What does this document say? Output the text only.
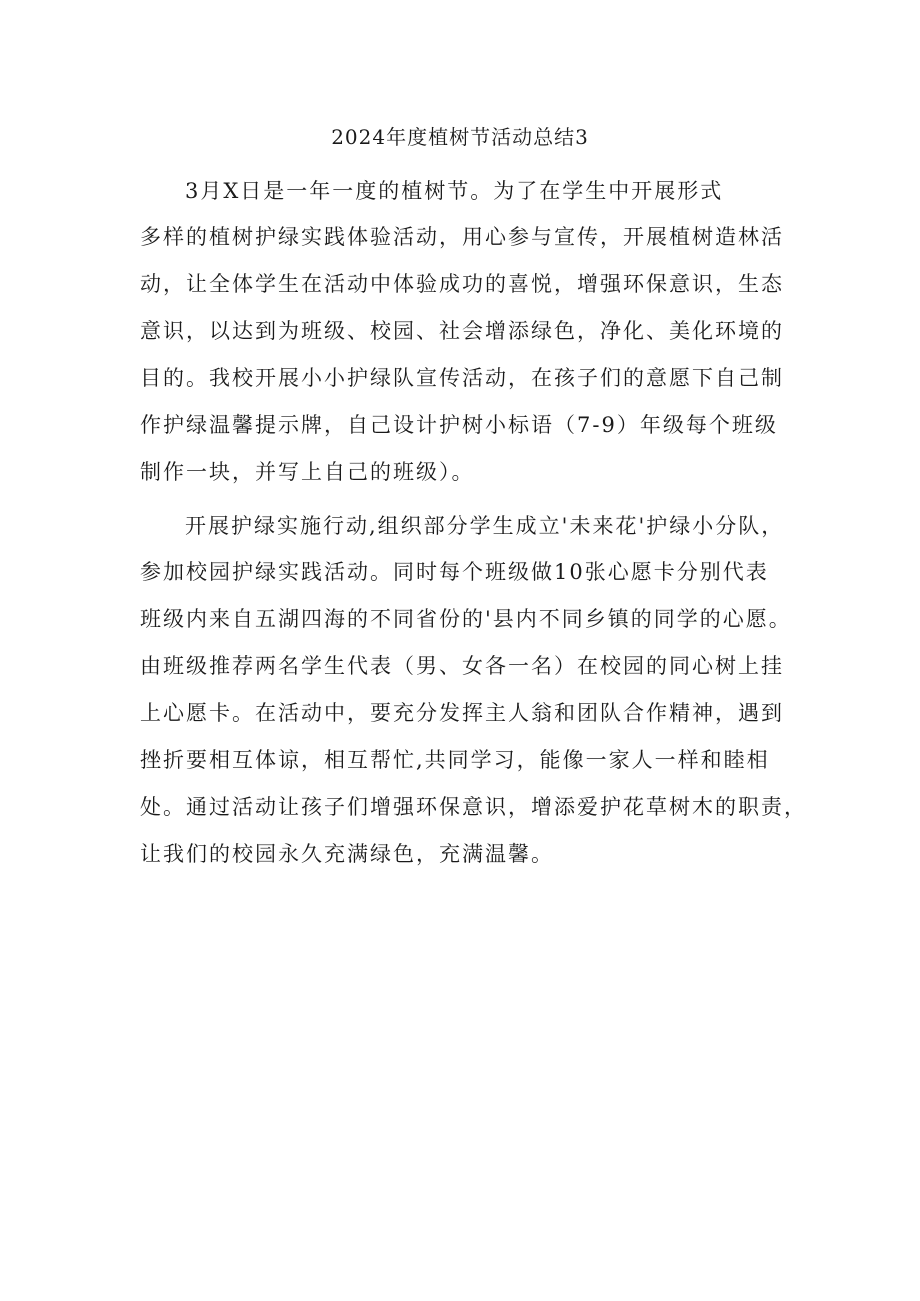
2024年度植树节活动总结3
3月X日是一年一度的植树节。为了在学生中开展形式
多样的植树护绿实践体验活动，用心参与宣传，开展植树造林活
动，让全体学生在活动中体验成功的喜悦，增强环保意识，生态
意识，以达到为班级、校园、社会增添绿色，净化、美化环境的
目的。我校开展小小护绿队宣传活动，在孩子们的意愿下自己制
作护绿温馨提示牌，自己设计护树小标语（7-9）年级每个班级
制作一块，并写上自己的班级）。
开展护绿实施行动,组织部分学生成立'未来花'护绿小分队，
参加校园护绿实践活动。同时每个班级做10张心愿卡分别代表
班级内来自五湖四海的不同省份的'县内不同乡镇的同学的心愿。
由班级推荐两名学生代表（男、女各一名）在校园的同心树上挂
上心愿卡。在活动中，要充分发挥主人翁和团队合作精神，遇到
挫折要相互体谅，相互帮忙,共同学习，能像一家人一样和睦相
处。通过活动让孩子们增强环保意识，增添爱护花草树木的职责，
让我们的校园永久充满绿色，充满温馨。
